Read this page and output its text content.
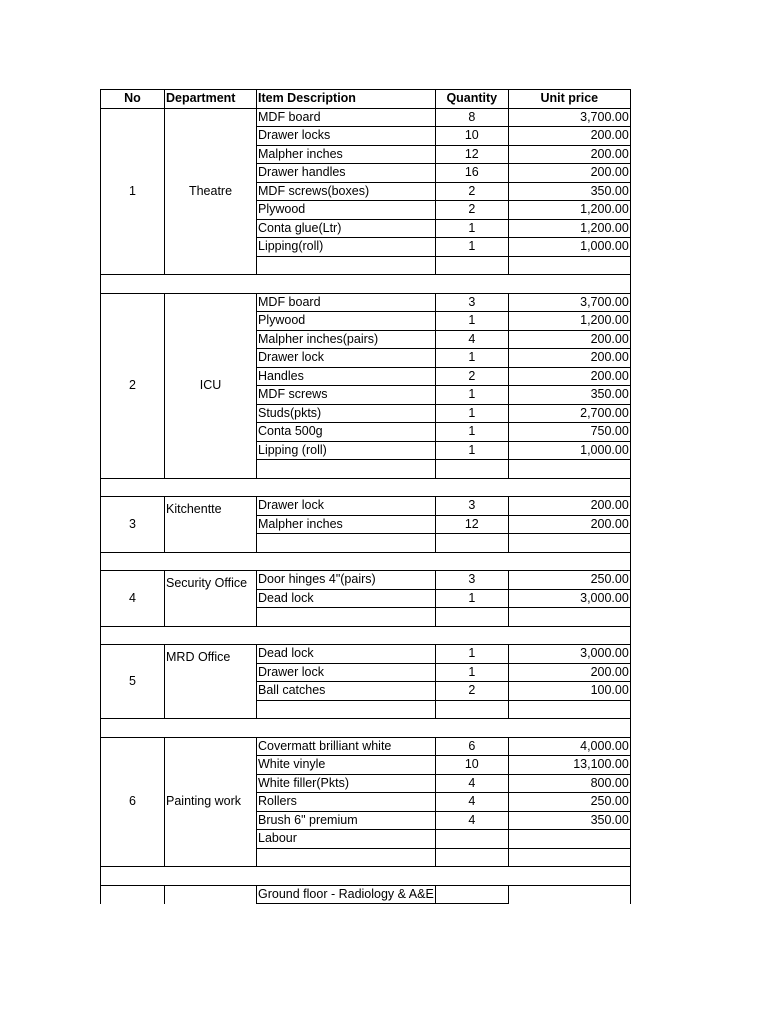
No	Department	Item Description	Quantity	Unit price
1	Theatre	MDF board	8	3,700.00
		Drawer locks	10	200.00
		Malpher inches	12	200.00
		Drawer handles	16	200.00
		MDF screws(boxes)	2	350.00
		Plywood	2	1,200.00
		Conta glue(Ltr)	1	1,200.00
		Lipping(roll)	1	1,000.00

2	ICU	MDF board	3	3,700.00
		Plywood	1	1,200.00
		Malpher inches(pairs)	4	200.00
		Drawer lock	1	200.00
		Handles	2	200.00
		MDF screws	1	350.00
		Studs(pkts)	1	2,700.00
		Conta 500g	1	750.00
		Lipping (roll)	1	1,000.00

3	Kitchentte	Drawer lock	3	200.00
		Malpher inches	12	200.00

4	Security Office	Door hinges 4"(pairs)	3	250.00
		Dead lock	1	3,000.00

5	MRD Office	Dead lock	1	3,000.00
		Drawer lock	1	200.00
		Ball catches	2	100.00

6	Painting work	Covermatt brilliant white	6	4,000.00
		White vinyle	10	13,100.00
		White filler(Pkts)	4	800.00
		Rollers	4	250.00
		Brush 6" premium	4	350.00
		Labour		

		Ground floor - Radiology & A&E		
